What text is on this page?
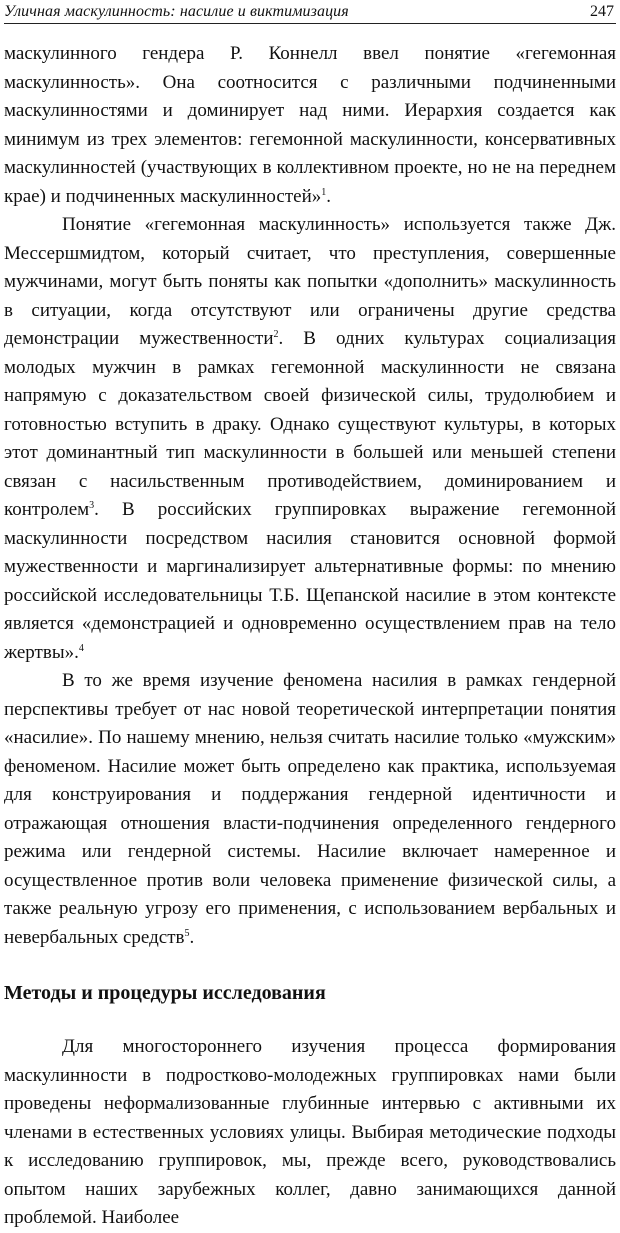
Уличная маскулинность: насилие и виктимизация	247

маскулинного гендера Р. Коннелл ввел понятие «гегемонная маскулинность». Она соотносится с различными подчиненными маскулинностями и доминирует над ними. Иерархия создается как минимум из трех элементов: гегемонной маскулинности, консервативных маскулинностей (участвующих в коллективном проекте, но не на переднем крае) и подчиненных маскулинностей»$^1$.

Понятие «гегемонная маскулинность» используется также Дж. Мессершмидтом, который считает, что преступления, совершенные мужчинами, могут быть поняты как попытки «дополнить» маскулинность в ситуации, когда отсутствуют или ограничены другие средства демонстрации мужественности$^2$. В одних культурах социализация молодых мужчин в рамках гегемонной маскулинности не связана напрямую с доказательством своей физической силы, трудолюбием и готовностью вступить в драку. Однако существуют культуры, в которых этот доминантный тип маскулинности в большей или меньшей степени связан с насильственным противодействием, доминированием и контролем$^3$. В российских группировках выражение гегемонной маскулинности посредством насилия становится основной формой мужественности и маргинализирует альтернативные формы: по мнению российской исследовательницы Т.Б. Щепанской насилие в этом контексте является «демонстрацией и одновременно осуществлением прав на тело жертвы».$^4$

В то же время изучение феномена насилия в рамках гендерной перспективы требует от нас новой теоретической интерпретации понятия «насилие». По нашему мнению, нельзя считать насилие только «мужским» феноменом. Насилие может быть определено как практика, используемая для конструирования и поддержания гендерной идентичности и отражающая отношения власти-подчинения определенного гендерного режима или гендерной системы. Насилие включает намеренное и осуществленное против воли человека применение физической силы, а также реальную угрозу его применения, с использованием вербальных и невербальных средств$^5$.

Методы и процедуры исследования

Для многостороннего изучения процесса формирования маскулинности в подростково-молодежных группировках нами были проведены неформализованные глубинные интервью с активными их членами в естественных условиях улицы. Выбирая методические подходы к исследованию группировок, мы, прежде всего, руководствовались опытом наших зарубежных коллег, давно занимающихся данной проблемой. Наиболее
